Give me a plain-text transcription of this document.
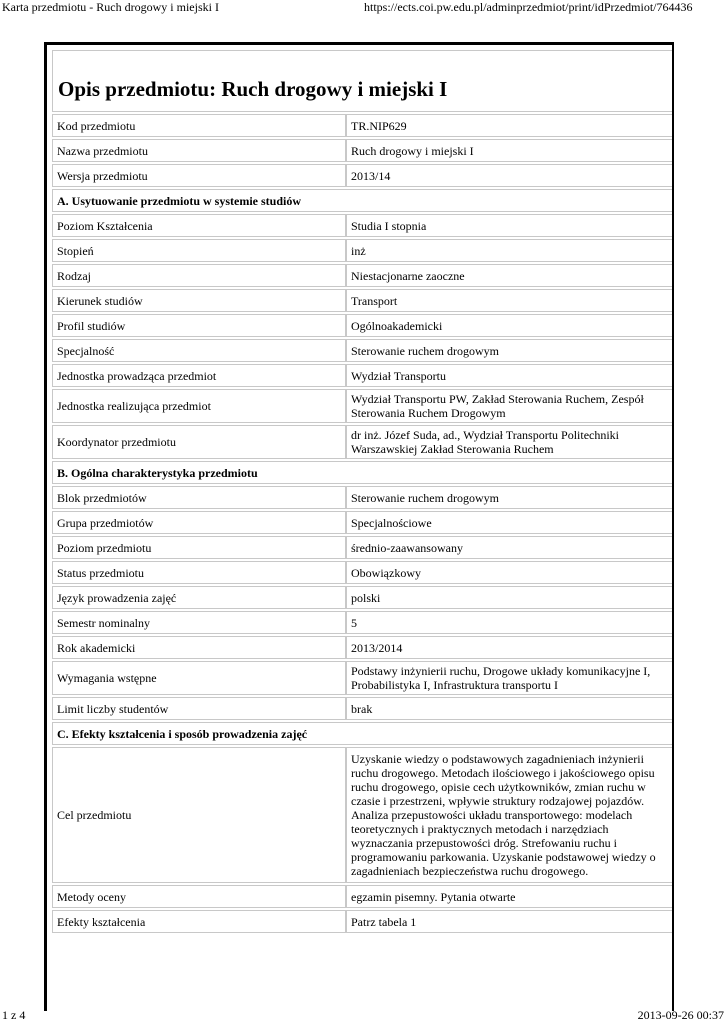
Karta przedmiotu - Ruch drogowy i miejski I	https://ects.coi.pw.edu.pl/adminprzedmiot/print/idPrzedmiot/764436
Opis przedmiotu: Ruch drogowy i miejski I
Kod przedmiotu	TR.NIP629
Nazwa przedmiotu	Ruch drogowy i miejski I
Wersja przedmiotu	2013/14
A. Usytuowanie przedmiotu w systemie studiów	
Poziom Kształcenia	Studia I stopnia
Stopień	inż
Rodzaj	Niestacjonarne zaoczne
Kierunek studiów	Transport
Profil studiów	Ogólnoakademicki
Specjalność	Sterowanie ruchem drogowym
Jednostka prowadząca przedmiot	Wydział Transportu
Jednostka realizująca przedmiot	Wydział Transportu PW, Zakład Sterowania Ruchem, Zespół Sterowania Ruchem Drogowym
Koordynator przedmiotu	dr inż. Józef Suda, ad., Wydział Transportu Politechniki Warszawskiej Zakład Sterowania Ruchem
B. Ogólna charakterystyka przedmiotu	
Blok przedmiotów	Sterowanie ruchem drogowym
Grupa przedmiotów	Specjalnościowe
Poziom przedmiotu	średnio-zaawansowany
Status przedmiotu	Obowiązkowy
Język prowadzenia zajęć	polski
Semestr nominalny	5
Rok akademicki	2013/2014
Wymagania wstępne	Podstawy inżynierii ruchu, Drogowe układy komunikacyjne I, Probabilistyka I, Infrastruktura transportu I
Limit liczby studentów	brak
C. Efekty kształcenia i sposób prowadzenia zajęć	
Cel przedmiotu	Uzyskanie wiedzy o podstawowych zagadnieniach inżynierii ruchu drogowego. Metodach ilościowego i jakościowego opisu ruchu drogowego, opisie cech użytkowników, zmian ruchu w czasie i przestrzeni, wpływie struktury rodzajowej pojazdów. Analiza przepustowości układu transportowego: modelach teoretycznych i praktycznych metodach i narzędziach wyznaczania przepustowości dróg. Strefowaniu ruchu i programowaniu parkowania. Uzyskanie podstawowej wiedzy o zagadnieniach bezpieczeństwa ruchu drogowego.
Metody oceny	egzamin pisemny. Pytania otwarte
Efekty kształcenia	Patrz tabela 1
1 z 4	2013-09-26 00:37
